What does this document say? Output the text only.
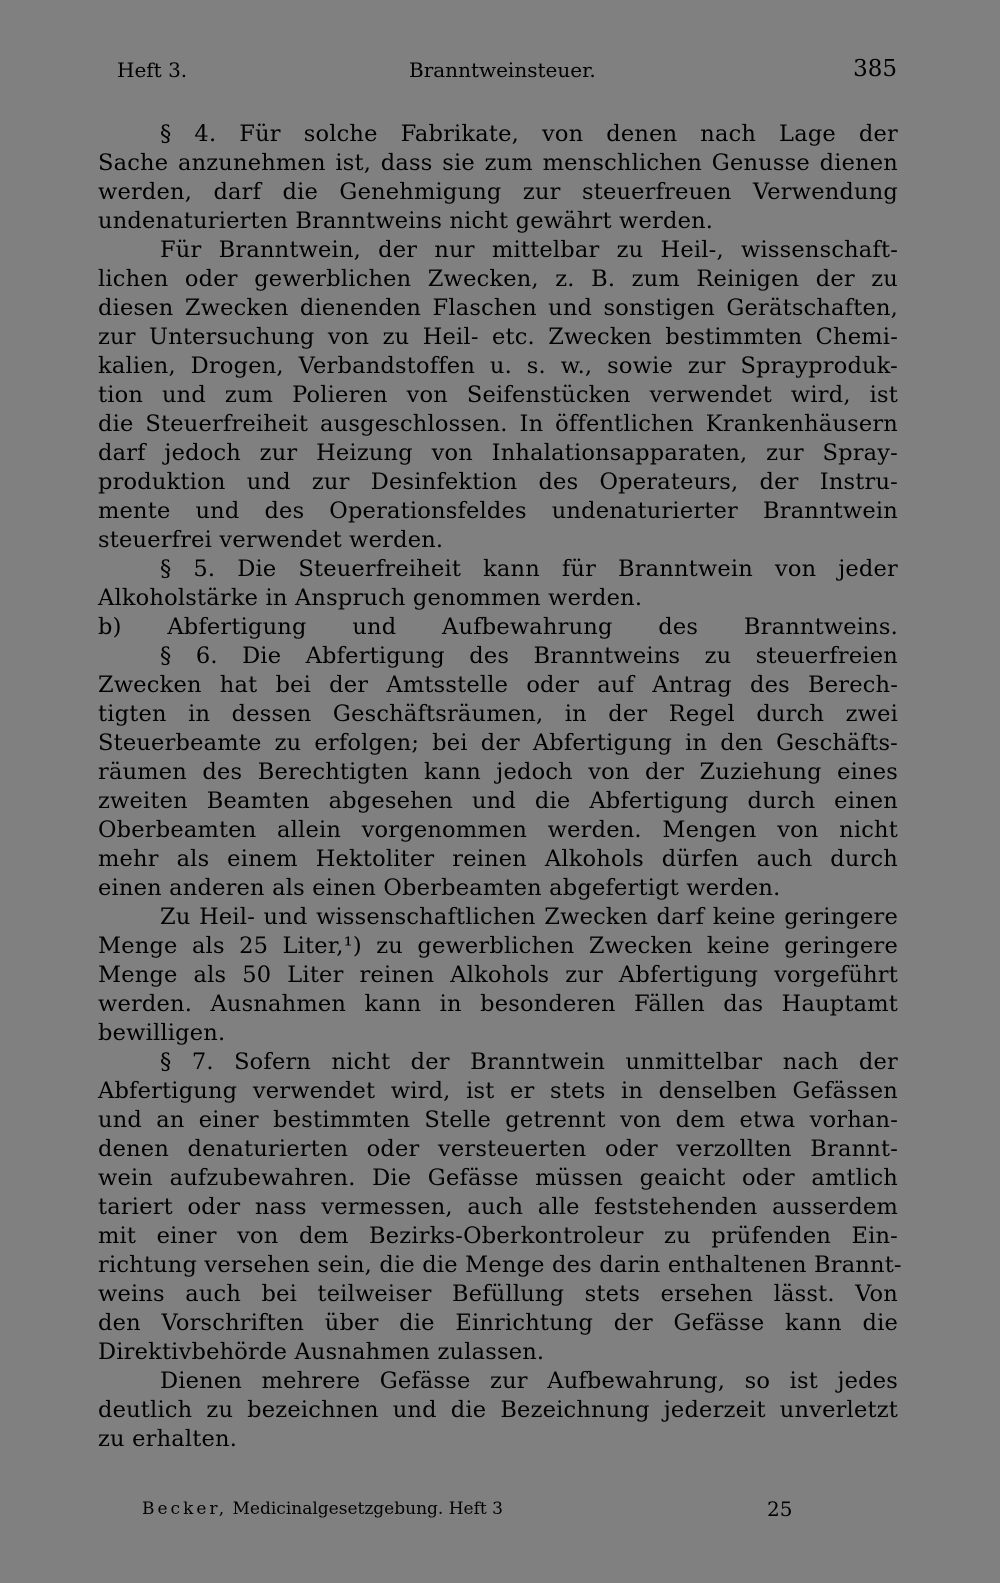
Heft 3.	Branntweinsteuer.	385
§ 4. Für solche Fabrikate, von denen nach Lage der
Sache anzunehmen ist, dass sie zum menschlichen Genusse dienen
werden, darf die Genehmigung zur steuerfreuen Verwendung
undenaturierten Branntweins nicht gewährt werden.
Für Branntwein, der nur mittelbar zu Heil-, wissenschaft-
lichen oder gewerblichen Zwecken, z. B. zum Reinigen der zu
diesen Zwecken dienenden Flaschen und sonstigen Gerätschaften,
zur Untersuchung von zu Heil- etc. Zwecken bestimmten Chemi-
kalien, Drogen, Verbandstoffen u. s. w., sowie zur Sprayproduk-
tion und zum Polieren von Seifenstücken verwendet wird, ist
die Steuerfreiheit ausgeschlossen. In öffentlichen Krankenhäusern
darf jedoch zur Heizung von Inhalationsapparaten, zur Spray-
produktion und zur Desinfektion des Operateurs, der Instru-
mente und des Operationsfeldes undenaturierter Branntwein
steuerfrei verwendet werden.
§ 5. Die Steuerfreiheit kann für Branntwein von jeder
Alkoholstärke in Anspruch genommen werden.
b) Abfertigung und Aufbewahrung des Branntweins.
§ 6. Die Abfertigung des Branntweins zu steuerfreien
Zwecken hat bei der Amtsstelle oder auf Antrag des Berech-
tigten in dessen Geschäftsräumen, in der Regel durch zwei
Steuerbeamte zu erfolgen; bei der Abfertigung in den Geschäfts-
räumen des Berechtigten kann jedoch von der Zuziehung eines
zweiten Beamten abgesehen und die Abfertigung durch einen
Oberbeamten allein vorgenommen werden. Mengen von nicht
mehr als einem Hektoliter reinen Alkohols dürfen auch durch
einen anderen als einen Oberbeamten abgefertigt werden.
Zu Heil- und wissenschaftlichen Zwecken darf keine geringere
Menge als 25 Liter,¹) zu gewerblichen Zwecken keine geringere
Menge als 50 Liter reinen Alkohols zur Abfertigung vorgeführt
werden. Ausnahmen kann in besonderen Fällen das Hauptamt
bewilligen.
§ 7. Sofern nicht der Branntwein unmittelbar nach der
Abfertigung verwendet wird, ist er stets in denselben Gefässen
und an einer bestimmten Stelle getrennt von dem etwa vorhan-
denen denaturierten oder versteuerten oder verzollten Brannt-
wein aufzubewahren. Die Gefässe müssen geaicht oder amtlich
tariert oder nass vermessen, auch alle feststehenden ausserdem
mit einer von dem Bezirks-Oberkontroleur zu prüfenden Ein-
richtung versehen sein, die die Menge des darin enthaltenen Brannt-
weins auch bei teilweiser Befüllung stets ersehen lässt. Von
den Vorschriften über die Einrichtung der Gefässe kann die
Direktivbehörde Ausnahmen zulassen.
Dienen mehrere Gefässe zur Aufbewahrung, so ist jedes
deutlich zu bezeichnen und die Bezeichnung jederzeit unverletzt
zu erhalten.
Becker, Medicinalgesetzgebung. Heft 3	25
